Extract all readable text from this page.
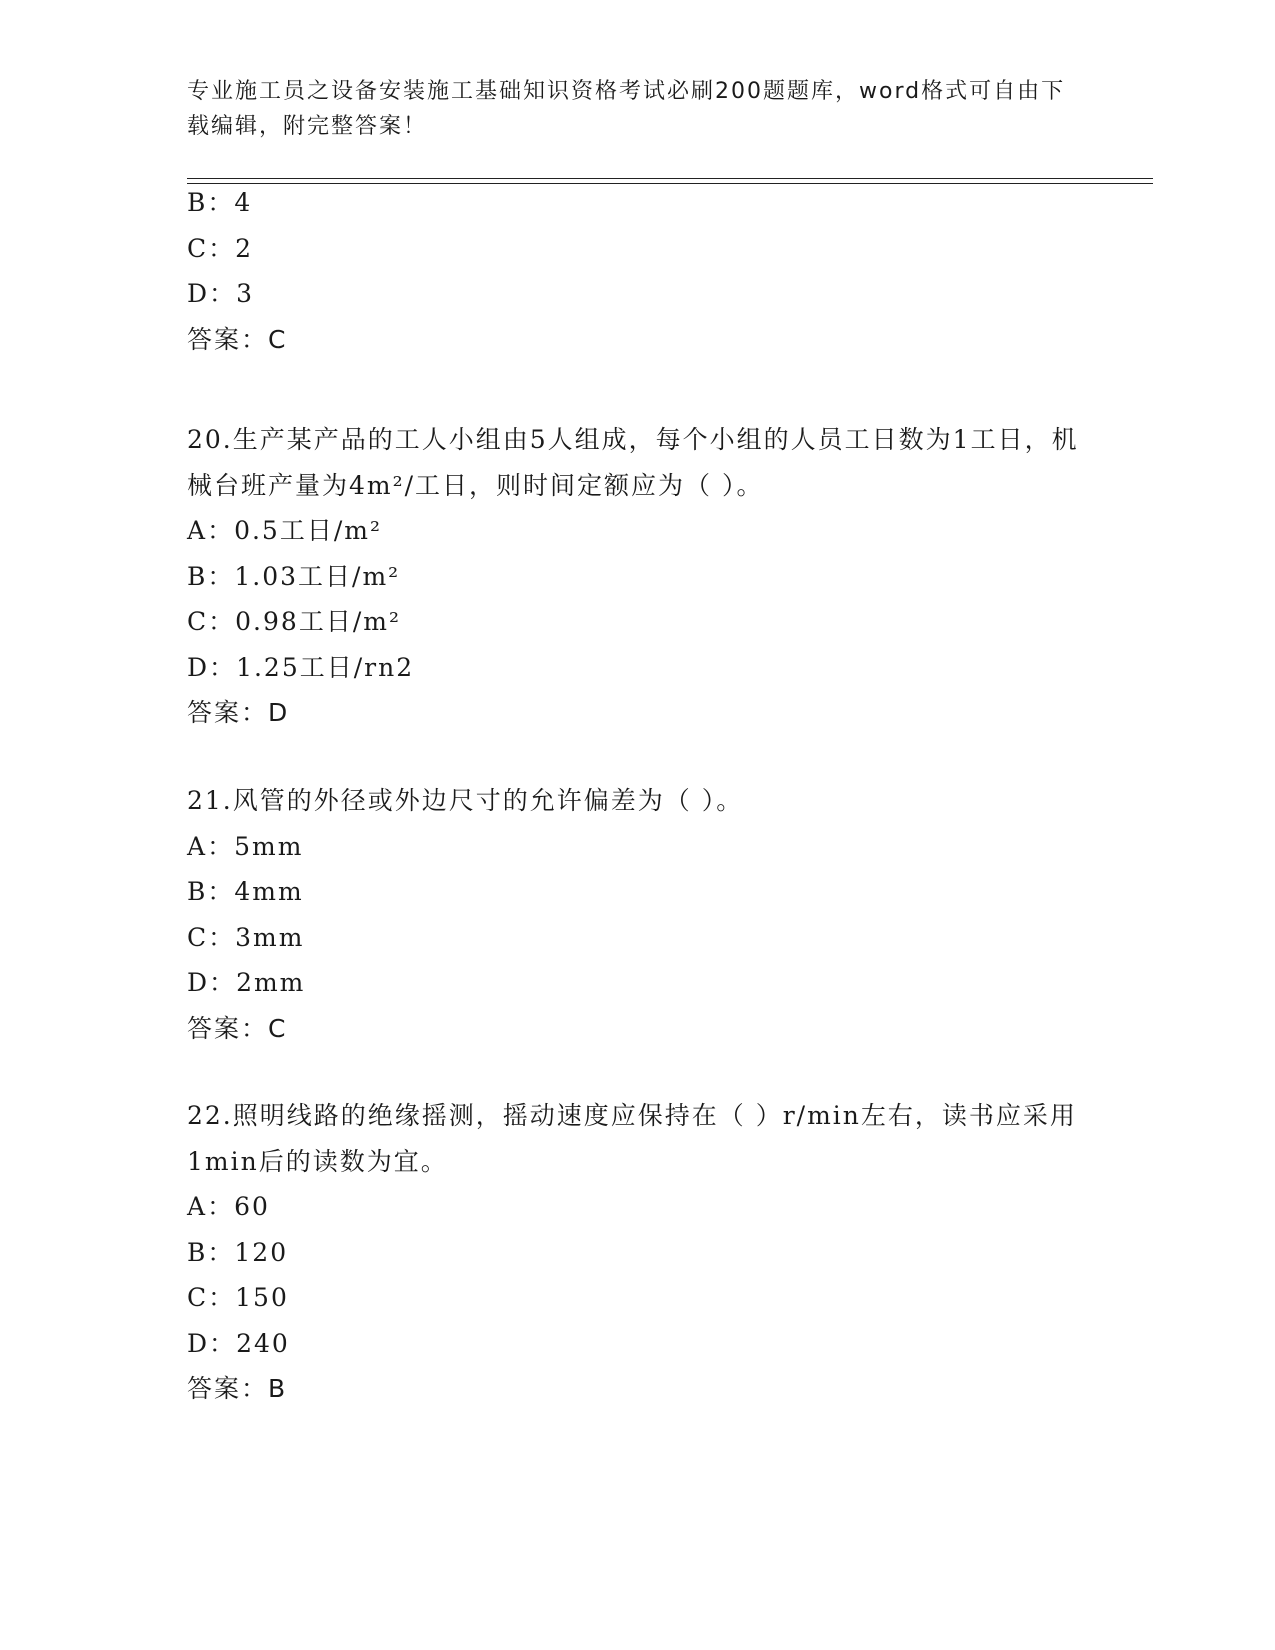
专业施工员之设备安装施工基础知识资格考试必刷200题题库，word格式可自由下载编辑，附完整答案！
B：4
C：2
D：3
答案：C
20.生产某产品的工人小组由5人组成，每个小组的人员工日数为1工日，机械台班产量为4m²/工日，则时间定额应为（ ）。
A：0.5工日/m²
B：1.03工日/m²
C：0.98工日/m²
D：1.25工日/rn2
答案：D
21.风管的外径或外边尺寸的允许偏差为（ ）。
A：5mm
B：4mm
C：3mm
D：2mm
答案：C
22.照明线路的绝缘摇测，摇动速度应保持在（ ）r/min左右，读书应采用1min后的读数为宜。
A：60
B：120
C：150
D：240
答案：B
